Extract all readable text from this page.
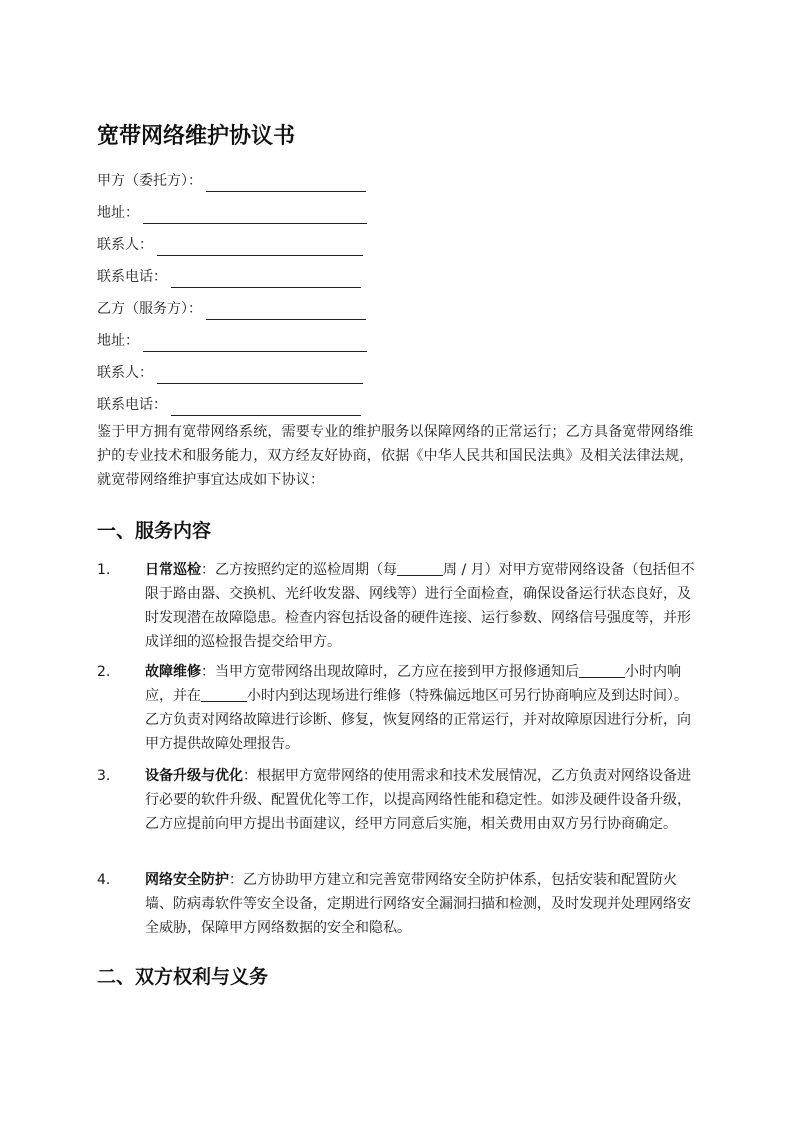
宽带网络维护协议书
甲方（委托方）：
地址：
联系人：
联系电话：
乙方（服务方）：
地址：
联系人：
联系电话：
鉴于甲方拥有宽带网络系统，需要专业的维护服务以保障网络的正常运行；乙方具备宽带网络维护的专业技术和服务能力，双方经友好协商，依据《中华人民共和国民法典》及相关法律法规，就宽带网络维护事宜达成如下协议：
一、服务内容
1.	日常巡检：乙方按照约定的巡检周期（每	周 / 月）对甲方宽带网络设备（包括但不限于路由器、交换机、光纤收发器、网线等）进行全面检查，确保设备运行状态良好，及时发现潜在故障隐患。检查内容包括设备的硬件连接、运行参数、网络信号强度等，并形成详细的巡检报告提交给甲方。
2.	故障维修：当甲方宽带网络出现故障时，乙方应在接到甲方报修通知后	小时内响应，并在	小时内到达现场进行维修（特殊偏远地区可另行协商响应及到达时间）。乙方负责对网络故障进行诊断、修复，恢复网络的正常运行，并对故障原因进行分析，向甲方提供故障处理报告。
3.	设备升级与优化：根据甲方宽带网络的使用需求和技术发展情况，乙方负责对网络设备进行必要的软件升级、配置优化等工作，以提高网络性能和稳定性。如涉及硬件设备升级，乙方应提前向甲方提出书面建议，经甲方同意后实施，相关费用由双方另行协商确定。
4.	网络安全防护：乙方协助甲方建立和完善宽带网络安全防护体系，包括安装和配置防火墙、防病毒软件等安全设备，定期进行网络安全漏洞扫描和检测，及时发现并处理网络安全威胁，保障甲方网络数据的安全和隐私。
二、双方权利与义务
